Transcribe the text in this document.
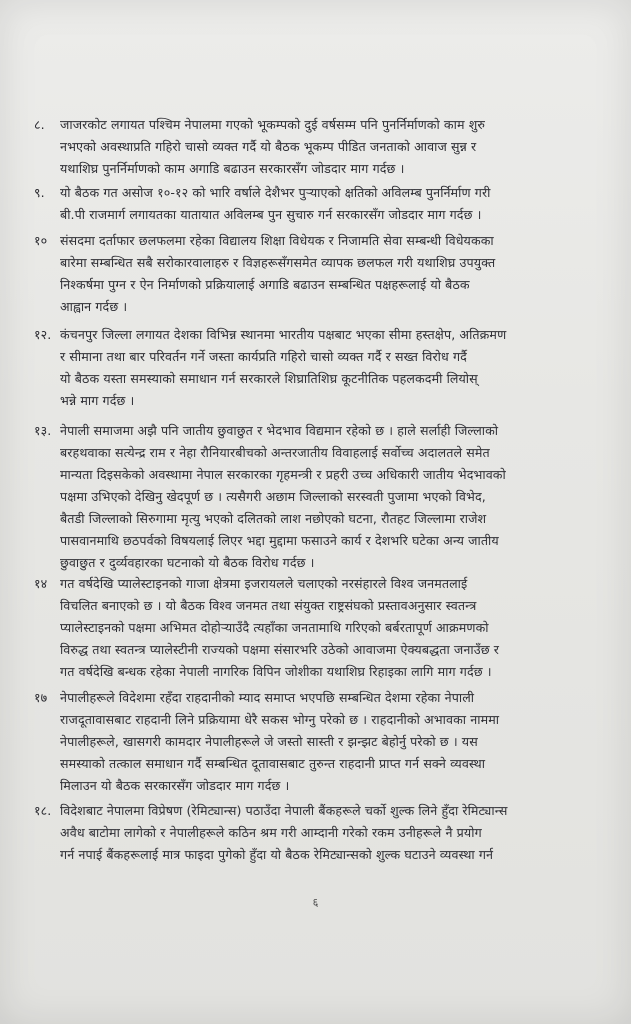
८. जाजरकोट लगायत पश्चिम नेपालमा गएको भूकम्पको दुई वर्षसम्म पनि पुनर्निर्माणको काम शुरु
नभएको अवस्थाप्रति गहिरो चासो व्यक्त गर्दै यो बैठक भूकम्प पीडित जनताको आवाज सुन्न र
यथाशिघ्र पुनर्निर्माणको काम अगाडि बढाउन सरकारसँग जोडदार माग गर्दछ ।
९. यो बैठक गत असोज १०-१२ को भारि वर्षाले देशैभर पुऱ्याएको क्षतिको अविलम्ब पुनर्निर्माण गरी
बी.पी राजमार्ग लगायतका यातायात अविलम्ब पुन सुचारु गर्न सरकारसँग जोडदार माग गर्दछ ।
१० संसदमा दर्ताफार छलफलमा रहेका विद्यालय शिक्षा विधेयक र निजामति सेवा सम्बन्धी विधेयकका
बारेमा सम्बन्धित सबै सरोकारवालाहरु र विज्ञहरूसँगसमेत व्यापक छलफल गरी यथाशिघ्र उपयुक्त
निश्कर्षमा पुग्न र ऐन निर्माणको प्रक्रियालाई अगाडि बढाउन सम्बन्धित पक्षहरूलाई यो बैठक
आह्वान गर्दछ ।
१२. कंचनपुर जिल्ला लगायत देशका विभिन्न स्थानमा भारतीय पक्षबाट भएका सीमा हस्तक्षेप, अतिक्रमण
र सीमाना तथा बार परिवर्तन गर्ने जस्ता कार्यप्रति गहिरो चासो व्यक्त गर्दै र सख्त विरोध गर्दै
यो बैठक यस्ता समस्याको समाधान गर्न सरकारले शिघ्रातिशिघ्र कूटनीतिक पहलकदमी लियोस्
भन्ने माग गर्दछ ।
१३. नेपाली समाजमा अझै पनि जातीय छुवाछुत र भेदभाव विद्यमान रहेको छ । हाले सर्लाही जिल्लाको
बरहथवाका सत्येन्द्र राम र नेहा रौनियारबीचको अन्तरजातीय विवाहलाई सर्वोच्च अदालतले समेत
मान्यता दिइसकेको अवस्थामा नेपाल सरकारका गृहमन्त्री र प्रहरी उच्च अधिकारी जातीय भेदभावको
पक्षमा उभिएको देखिनु खेदपूर्ण छ । त्यसैगरी अछाम जिल्लाको सरस्वती पुजामा भएको विभेद,
बैतडी जिल्लाको सिरुगामा मृत्यु भएको दलितको लाश नछोएको घटना, रौतहट जिल्लामा राजेश
पासवानमाथि छठपर्वको विषयलाई लिएर भद्दा मुद्दामा फसाउने कार्य र देशभरि घटेका अन्य जातीय
छुवाछुत र दुर्व्यवहारका घटनाको यो बैठक विरोध गर्दछ ।
१४ गत वर्षदेखि प्यालेस्टाइनको गाजा क्षेत्रमा इजरायलले चलाएको नरसंहारले विश्व जनमतलाई
विचलित बनाएको छ । यो बैठक विश्व जनमत तथा संयुक्त राष्ट्रसंघको प्रस्तावअनुसार स्वतन्त्र
प्यालेस्टाइनको पक्षमा अभिमत दोहोऱ्याउँदै त्यहाँका जनतामाथि गरिएको बर्बरतापूर्ण आक्रमणको
विरुद्ध तथा स्वतन्त्र प्यालेस्टीनी राज्यको पक्षमा संसारभरि उठेको आवाजमा ऐक्यबद्धता जनाउँछ र
गत वर्षदेखि बन्धक रहेका नेपाली नागरिक विपिन जोशीका यथाशिघ्र रिहाइका लागि माग गर्दछ ।
१७ नेपालीहरूले विदेशमा रहँदा राहदानीको म्याद समाप्त भएपछि सम्बन्धित देशमा रहेका नेपाली
राजदूतावासबाट राहदानी लिने प्रक्रियामा धेरै सकस भोग्नु परेको छ । राहदानीको अभावका नाममा
नेपालीहरूले, खासगरी कामदार नेपालीहरूले जे जस्तो सास्ती र झन्झट बेहोर्नु परेको छ । यस
समस्याको तत्काल समाधान गर्दै सम्बन्धित दूतावासबाट तुरुन्त राहदानी प्राप्त गर्न सक्ने व्यवस्था
मिलाउन यो बैठक सरकारसँग जोडदार माग गर्दछ ।
१८. विदेशबाट नेपालमा विप्रेषण (रेमिट्यान्स) पठाउँदा नेपाली बैंकहरूले चर्को शुल्क लिने हुँदा रेमिट्यान्स
अवैध बाटोमा लागेको र नेपालीहरूले कठिन श्रम गरी आम्दानी गरेको रकम उनीहरूले नै प्रयोग
गर्न नपाई बैंकहरूलाई मात्र फाइदा पुगेको हुँदा यो बैठक रेमिट्यान्सको शुल्क घटाउने व्यवस्था गर्न
६
